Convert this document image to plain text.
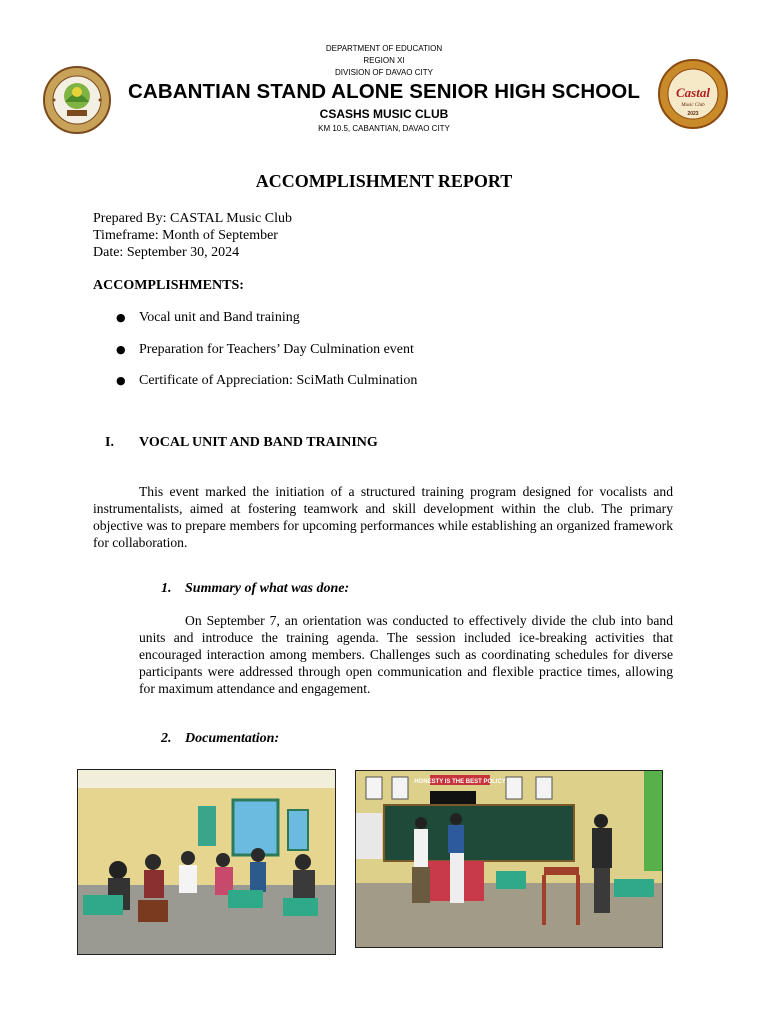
DEPARTMENT OF EDUCATION
REGION XI
DIVISION OF DAVAO CITY
CABANTIAN STAND ALONE SENIOR HIGH SCHOOL
CSASHS MUSIC CLUB
KM 10.5, CABANTIAN, DAVAO CITY
Castal
Music Club
2023
ACCOMPLISHMENT REPORT
Prepared By: CASTAL Music Club
Timeframe: Month of September
Date: September 30, 2024
ACCOMPLISHMENTS:
● Vocal unit and Band training
● Preparation for Teachers’ Day Culmination event
● Certificate of Appreciation: SciMath Culmination
I. VOCAL UNIT AND BAND TRAINING
This event marked the initiation of a structured training program designed for vocalists and instrumentalists, aimed at fostering teamwork and skill development within the club. The primary objective was to prepare members for upcoming performances while establishing an organized framework for collaboration.
1. Summary of what was done:
On September 7, an orientation was conducted to effectively divide the club into band units and introduce the training agenda. The session included ice-breaking activities that encouraged interaction among members. Challenges such as coordinating schedules for diverse participants were addressed through open communication and flexible practice times, allowing for maximum attendance and engagement.
2. Documentation:
HONESTY IS THE BEST POLICY
